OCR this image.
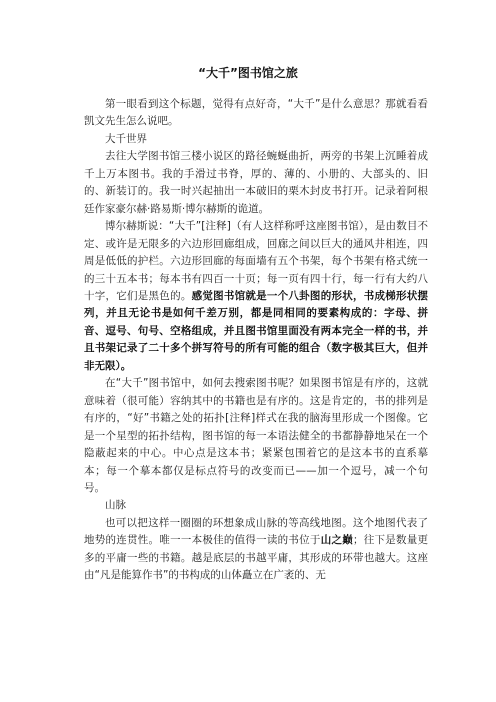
“大千”图书馆之旅

第一眼看到这个标题，觉得有点好奇，“大千”是什么意思？那就看看凯文先生怎么说吧。

大千世界

去往大学图书馆三楼小说区的路径蜿蜒曲折，两旁的书架上沉睡着成千上万本图书。我的手滑过书脊，厚的、薄的、小册的、大部头的、旧的、新装订的。我一时兴起抽出一本破旧的栗木封皮书打开。记录着阿根廷作家豪尔赫·路易斯·博尔赫斯的诡道。

博尔赫斯说：“大千”[注释]（有人这样称呼这座图书馆），是由数目不定、或许是无限多的六边形回廊组成，回廊之间以巨大的通风井相连，四周是低低的护栏。六边形回廊的每面墙有五个书架，每个书架有格式统一的三十五本书；每本书有四百一十页；每一页有四十行，每一行有大约八十字，它们是黑色的。感觉图书馆就是一个八卦图的形状，书成梯形状摆列，并且无论书是如何千差万别，都是同相同的要素构成的：字母、拼音、逗号、句号、空格组成，并且图书馆里面没有两本完全一样的书，并且书架记录了二十多个拼写符号的所有可能的组合（数字极其巨大，但并非无限）。

在“大千”图书馆中，如何去搜索图书呢？如果图书馆是有序的，这就意味着（很可能）容纳其中的书籍也是有序的。这是肯定的，书的排列是有序的，“好”书籍之处的拓扑[注释]样式在我的脑海里形成一个图像。它是一个星型的拓扑结构，图书馆的每一本语法健全的书都静静地呆在一个隐蔽起来的中心。中心点是这本书；紧紧包围着它的是这本书的直系摹本；每一个摹本都仅是标点符号的改变而已——加一个逗号，减一个句号。

山脉

也可以把这样一圈圈的环想象成山脉的等高线地图。这个地图代表了地势的连贯性。唯一一本极佳的值得一读的书位于山之巅；往下是数量更多的平庸一些的书籍。越是底层的书越平庸，其形成的环带也越大。这座由“凡是能算作书”的书构成的山体矗立在广袤的、无
